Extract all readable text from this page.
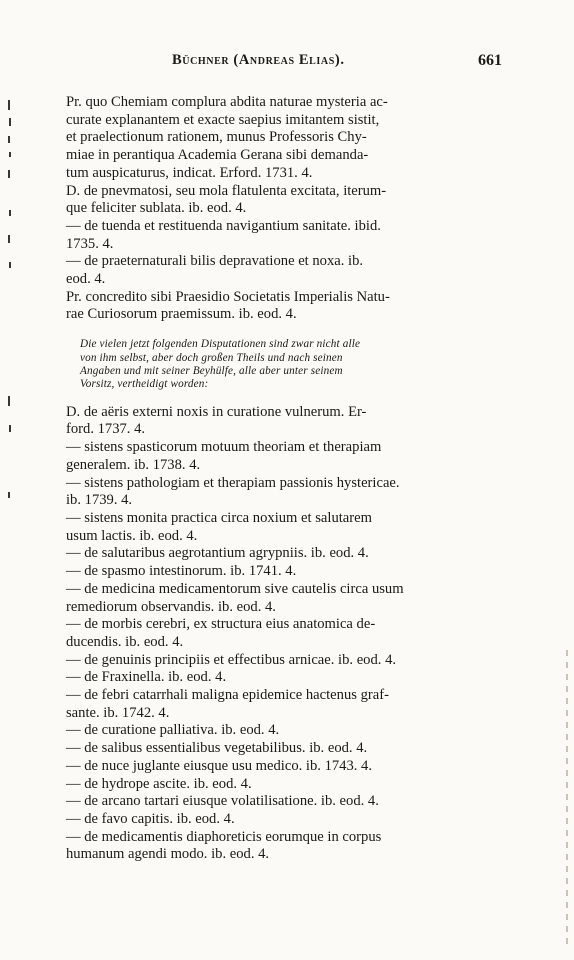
Büchner (Andreas Elias).	661

Pr. quo Chemiam complura abdita naturae mysteria ac-
curate explanantem et exacte saepius imitantem sistit,
et praelectionum rationem, munus Professoris Chy-
miae in perantiqua Academia Gerana sibi demanda-
tum auspicaturus, indicat. Erford. 1731. 4.

D. de pnevmatosi, seu mola flatulenta excitata, iterum-
que feliciter sublata. ib. eod. 4.

— de tuenda et restituenda navigantium sanitate. ibid.
1735. 4.

— de praeternaturali bilis depravatione et noxa. ib.
eod. 4.

Pr. concredito sibi Praesidio Societatis Imperialis Natu-
rae Curiosorum praemissum. ib. eod. 4.

Die vielen jetzt folgenden Disputationen sind zwar nicht alle
von ihm selbst, aber doch großen Theils und nach seinen
Angaben und mit seiner Beyhülfe, alle aber unter seinem
Vorsitz, vertheidigt worden:

D. de aëris externi noxis in curatione vulnerum. Er-
ford. 1737. 4.

— sistens spasticorum motuum theoriam et therapiam
generalem. ib. 1738. 4.

— sistens pathologiam et therapiam passionis hystericae.
ib. 1739. 4.

— sistens monita practica circa noxium et salutarem
usum lactis. ib. eod. 4.

— de salutaribus aegrotantium agrypniis. ib. eod. 4.

— de spasmo intestinorum. ib. 1741. 4.

— de medicina medicamentorum sive cautelis circa usum
remediorum observandis. ib. eod. 4.

— de morbis cerebri, ex structura eius anatomica de-
ducendis. ib. eod. 4.

— de genuinis principiis et effectibus arnicae. ib. eod. 4.

— de Fraxinella. ib. eod. 4.

— de febri catarrhali maligna epidemice hactenus graf-
sante. ib. 1742. 4.

— de curatione palliativa. ib. eod. 4.

— de salibus essentialibus vegetabilibus. ib. eod. 4.

— de nuce juglante eiusque usu medico. ib. 1743. 4.

— de hydrope ascite. ib. eod. 4.

— de arcano tartari eiusque volatilisatione. ib. eod. 4.

— de favo capitis. ib. eod. 4.

— de medicamentis diaphoreticis eorumque in corpus
humanum agendi modo. ib. eod. 4.
